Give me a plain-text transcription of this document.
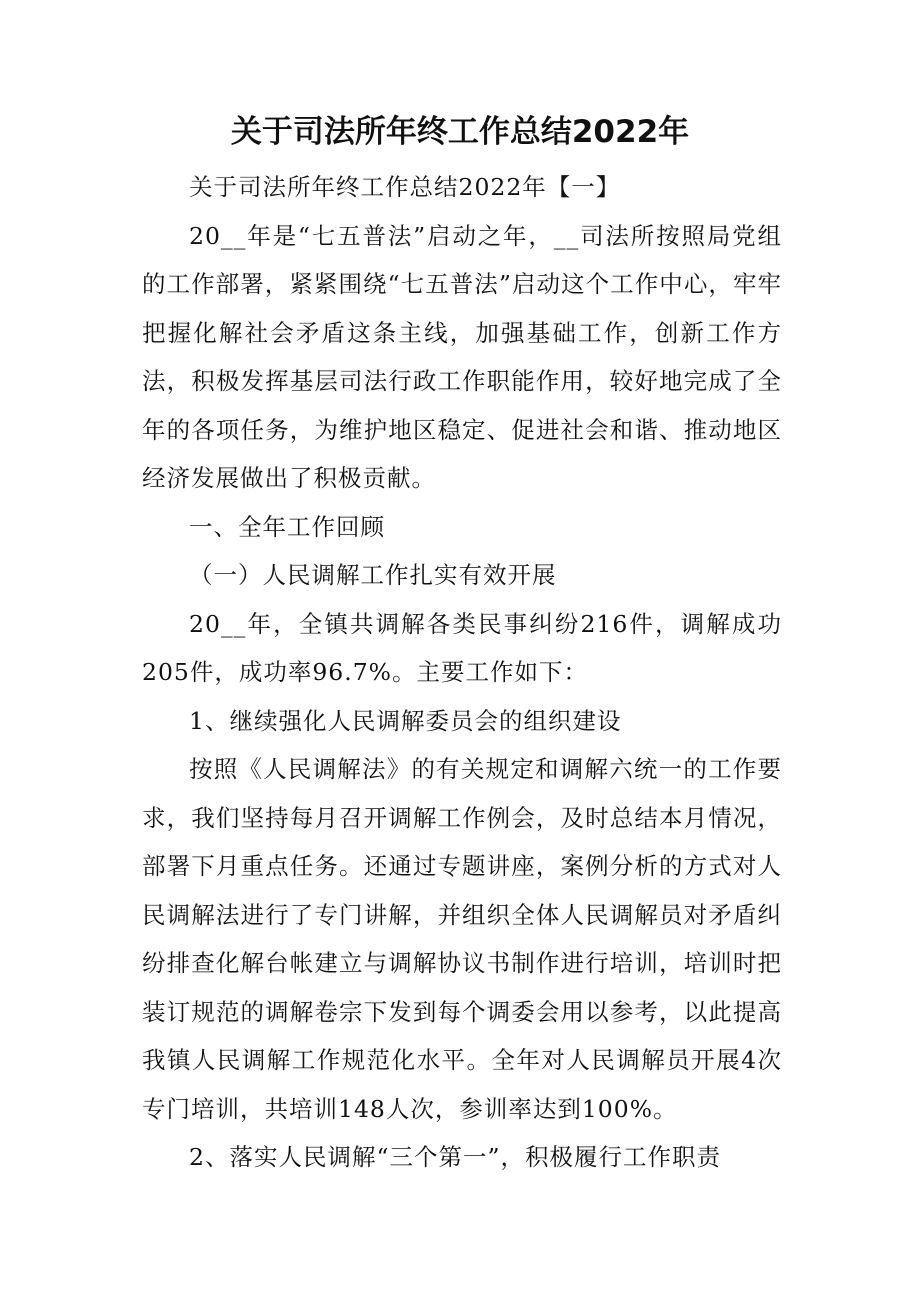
关于司法所年终工作总结2022年

关于司法所年终工作总结2022年【一】

20__年是“七五普法”启动之年，__司法所按照局党组的工作部署，紧紧围绕“七五普法”启动这个工作中心，牢牢把握化解社会矛盾这条主线，加强基础工作，创新工作方法，积极发挥基层司法行政工作职能作用，较好地完成了全年的各项任务，为维护地区稳定、促进社会和谐、推动地区经济发展做出了积极贡献。

一、全年工作回顾

（一）人民调解工作扎实有效开展

20__年，全镇共调解各类民事纠纷216件，调解成功205件，成功率96.7%。主要工作如下：

1、继续强化人民调解委员会的组织建设

按照《人民调解法》的有关规定和调解六统一的工作要求，我们坚持每月召开调解工作例会，及时总结本月情况，部署下月重点任务。还通过专题讲座，案例分析的方式对人民调解法进行了专门讲解，并组织全体人民调解员对矛盾纠纷排查化解台帐建立与调解协议书制作进行培训，培训时把装订规范的调解卷宗下发到每个调委会用以参考，以此提高我镇人民调解工作规范化水平。全年对人民调解员开展4次专门培训，共培训148人次，参训率达到100%。

2、落实人民调解“三个第一”，积极履行工作职责
